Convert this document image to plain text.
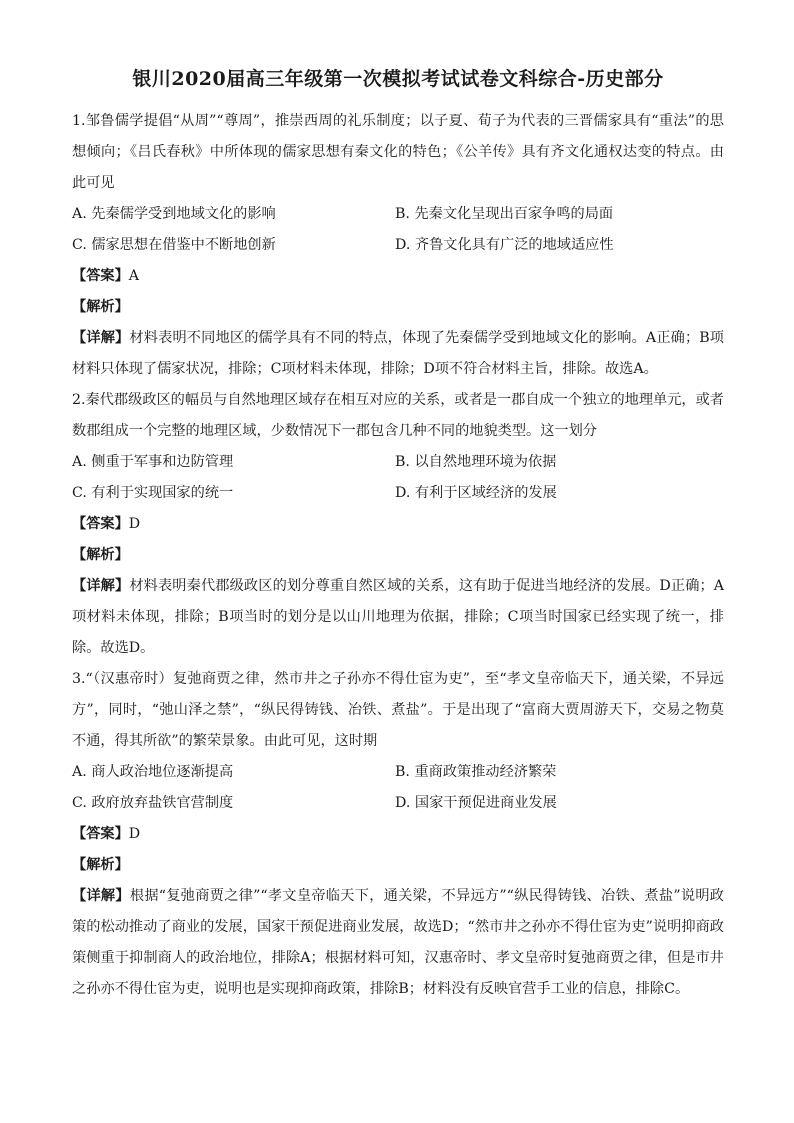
银川2020届高三年级第一次模拟考试试卷文科综合-历史部分

1.邹鲁儒学提倡“从周”“尊周”，推崇西周的礼乐制度；以子夏、荀子为代表的三晋儒家具有“重法”的思想倾向；《吕氏春秋》中所体现的儒家思想有秦文化的特色；《公羊传》具有齐文化通权达变的特点。由此可见

A. 先秦儒学受到地域文化的影响	B. 先秦文化呈现出百家争鸣的局面
C. 儒家思想在借鉴中不断地创新	D. 齐鲁文化具有广泛的地域适应性

【答案】A

【解析】

【详解】材料表明不同地区的儒学具有不同的特点，体现了先秦儒学受到地域文化的影响。A正确；B项材料只体现了儒家状况，排除；C项材料未体现，排除；D项不符合材料主旨，排除。故选A。

2.秦代郡级政区的幅员与自然地理区域存在相互对应的关系，或者是一郡自成一个独立的地理单元，或者数郡组成一个完整的地理区域，少数情况下一郡包含几种不同的地貌类型。这一划分

A. 侧重于军事和边防管理	B. 以自然地理环境为依据
C. 有利于实现国家的统一	D. 有利于区域经济的发展

【答案】D

【解析】

【详解】材料表明秦代郡级政区的划分尊重自然区域的关系，这有助于促进当地经济的发展。D正确；A项材料未体现，排除；B项当时的划分是以山川地理为依据，排除；C项当时国家已经实现了统一，排除。故选D。

3.“（汉惠帝时）复弛商贾之律，然市井之子孙亦不得仕宦为吏”，至“孝文皇帝临天下，通关梁，不异远方”，同时，“弛山泽之禁”，“纵民得铸钱、冶铁、煮盐”。于是出现了“富商大贾周游天下，交易之物莫不通，得其所欲”的繁荣景象。由此可见，这时期

A. 商人政治地位逐渐提高	B. 重商政策推动经济繁荣
C. 政府放弃盐铁官营制度	D. 国家干预促进商业发展

【答案】D

【解析】

【详解】根据“复弛商贾之律”“孝文皇帝临天下，通关梁，不异远方”“纵民得铸钱、冶铁、煮盐”说明政策的松动推动了商业的发展，国家干预促进商业发展，故选D；“然市井之孙亦不得仕宦为吏”说明抑商政策侧重于抑制商人的政治地位，排除A；根据材料可知，汉惠帝时、孝文皇帝时复弛商贾之律，但是市井之孙亦不得仕宦为吏，说明也是实现抑商政策，排除B；材料没有反映官营手工业的信息，排除C。
